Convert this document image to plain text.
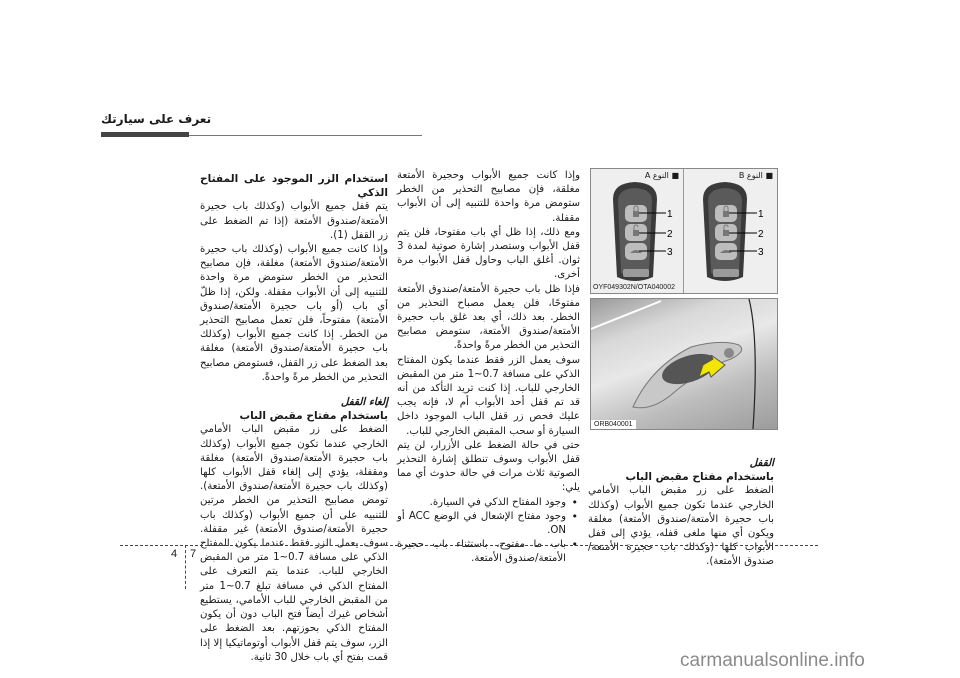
تعرف على سيارتك

استخدام الزر الموجود على المفتاح الذكي

يتم قفل جميع الأبواب (وكذلك باب حجيرة الأمتعة/صندوق الأمتعة (إذا تم الضغط على زر القفل (1).

وإذا كانت جميع الأبواب (وكذلك باب حجيرة الأمتعة/صندوق الأمتعة) مغلقة، فإن مصابيح التحذير من الخطر ستومض مرة واحدة للتنبيه إلى أن الأبواب مقفلة. ولكن، إذا ظلّ أي باب (أو باب حجيرة الأمتعة/صندوق الأمتعة) مفتوحاً، فلن تعمل مصابيح التحذير من الخطر. إذا كانت جميع الأبواب (وكذلك باب حجيرة الأمتعة/صندوق الأمتعة) مغلقة بعد الضغط على زر القفل، فستومض مصابيح التحذير من الخطر مرةً واحدةً.

إلغاء القفل

باستخدام مفتاح مقبض الباب

الضغط على زر مقبض الباب الأمامي الخارجي عندما تكون جميع الأبواب (وكذلك باب حجيرة الأمتعة/صندوق الأمتعة) مغلقة ومقفلة، يؤدي إلى إلغاء قفل الأبواب كلها (وكذلك باب حجيرة الأمتعة/صندوق الأمتعة). تومض مصابيح التحذير من الخطر مرتين للتنبيه على أن جميع الأبواب (وكذلك باب حجيرة الأمتعة/صندوق الأمتعة) غير مقفلة. سوف يعمل الزر فقط عندما يكون المفتاح الذكي على مسافة 0.7~1 متر من المقبض الخارجي للباب. عندما يتم التعرف على المفتاح الذكي في مسافة تبلغ 0.7~1 متر من المقبض الخارجي للباب الأمامي، يستطيع أشخاص غيرك أيضاً فتح الباب دون أن يكون المفتاح الذكي بحوزتهم. بعد الضغط على الزر، سوف يتم قفل الأبواب أوتوماتيكيا إلا إذا قمت بفتح أي باب خلال 30 ثانية.

وإذا كانت جميع الأبواب وحجيرة الأمتعة مغلقة، فإن مصابيح التحذير من الخطر ستومض مرة واحدة للتنبيه إلى أن الأبواب مقفلة.

ومع ذلك، إذا ظل أي باب مفتوحا، فلن يتم قفل الأبواب وستصدر إشارة صوتية لمدة 3 ثوان. أغلق الباب وحاول قفل الأبواب مرة أخرى.

فإذا ظل باب حجيرة الأمتعة/صندوق الأمتعة مفتوحًا، فلن يعمل مصباح التحذير من الخطر. بعد ذلك، أي بعد غلق باب حجيرة الأمتعة/صندوق الأمتعة، ستومض مصابيح التحذير من الخطر مرةً واحدةً.

سوف يعمل الزر فقط عندما يكون المفتاح الذكي على مسافة 0.7~1 متر من المقبض الخارجي للباب. إذا كنت تريد التأكد من أنه قد تم قفل أحد الأبواب أم لا، فإنه يجب عليك فحص زر قفل الباب الموجود داخل السيارة أو سحب المقبض الخارجي للباب.

حتى في حالة الضغط على الأزرار، لن يتم قفل الأبواب وسوف تنطلق إشارة التحذير الصوتية ثلاث مرات في حالة حدوث أي مما يلي:

• وجود المفتاح الذكي في السيارة.
• وجود مفتاح الإشعال في الوضع ACC أو ON.
• باب ما مفتوح، باستثناء باب حجيرة الأمتعة/صندوق الأمتعة.
■ النوع A
1
2
3
OYF049302N/OTA040002
■ النوع B
1
2
3
ORB040001

القفل

باستخدام مفتاح مقبض الباب

الضغط على زر مقبض الباب الأمامي الخارجي عندما تكون جميع الأبواب (وكذلك باب حجيرة الأمتعة/صندوق الأمتعة) مغلقة ويكون أي منها ملغى قفله، يؤدي إلى قفل الأبواب كلها (وكذلك باب حجيرة الأمتعة/صندوق الأمتعة).

4 7
carmanualsonline.info
